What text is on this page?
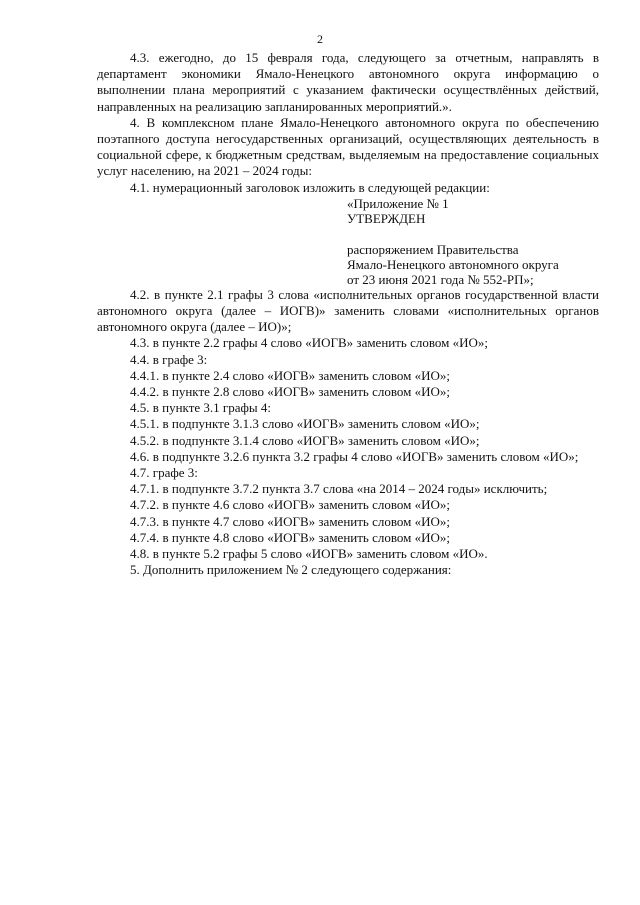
2

4.3. ежегодно, до 15 февраля года, следующего за отчетным, направлять в департамент экономики Ямало-Ненецкого автономного округа информацию о выполнении плана мероприятий с указанием фактически осуществлённых действий, направленных на реализацию запланированных мероприятий.».

4. В комплексном плане Ямало-Ненецкого автономного округа по обеспечению поэтапного доступа негосударственных организаций, осуществляющих деятельность в социальной сфере, к бюджетным средствам, выделяемым на предоставление социальных услуг населению, на 2021 – 2024 годы:

4.1. нумерационный заголовок изложить в следующей редакции:

«Приложение № 1
УТВЕРЖДЕН
распоряжением Правительства
Ямало-Ненецкого автономного округа
от 23 июня 2021 года № 552-РП»;

4.2. в пункте 2.1 графы 3 слова «исполнительных органов государственной власти автономного округа (далее – ИОГВ)» заменить словами «исполнительных органов автономного округа (далее – ИО)»;

4.3. в пункте 2.2 графы 4 слово «ИОГВ» заменить словом «ИО»;

4.4. в графе 3:

4.4.1. в пункте 2.4 слово «ИОГВ» заменить словом «ИО»;

4.4.2. в пункте 2.8 слово «ИОГВ» заменить словом «ИО»;

4.5. в пункте 3.1 графы 4:

4.5.1. в подпункте 3.1.3 слово «ИОГВ» заменить словом «ИО»;

4.5.2. в подпункте 3.1.4 слово «ИОГВ» заменить словом «ИО»;

4.6. в подпункте 3.2.6 пункта 3.2 графы 4 слово «ИОГВ» заменить словом «ИО»;

4.7. графе 3:

4.7.1. в подпункте 3.7.2 пункта 3.7 слова «на 2014 – 2024 годы» исключить;

4.7.2. в пункте 4.6 слово «ИОГВ» заменить словом «ИО»;

4.7.3. в пункте 4.7 слово «ИОГВ» заменить словом «ИО»;

4.7.4. в пункте 4.8 слово «ИОГВ» заменить словом «ИО»;

4.8. в пункте 5.2 графы 5 слово «ИОГВ» заменить словом «ИО».

5. Дополнить приложением № 2 следующего содержания:
